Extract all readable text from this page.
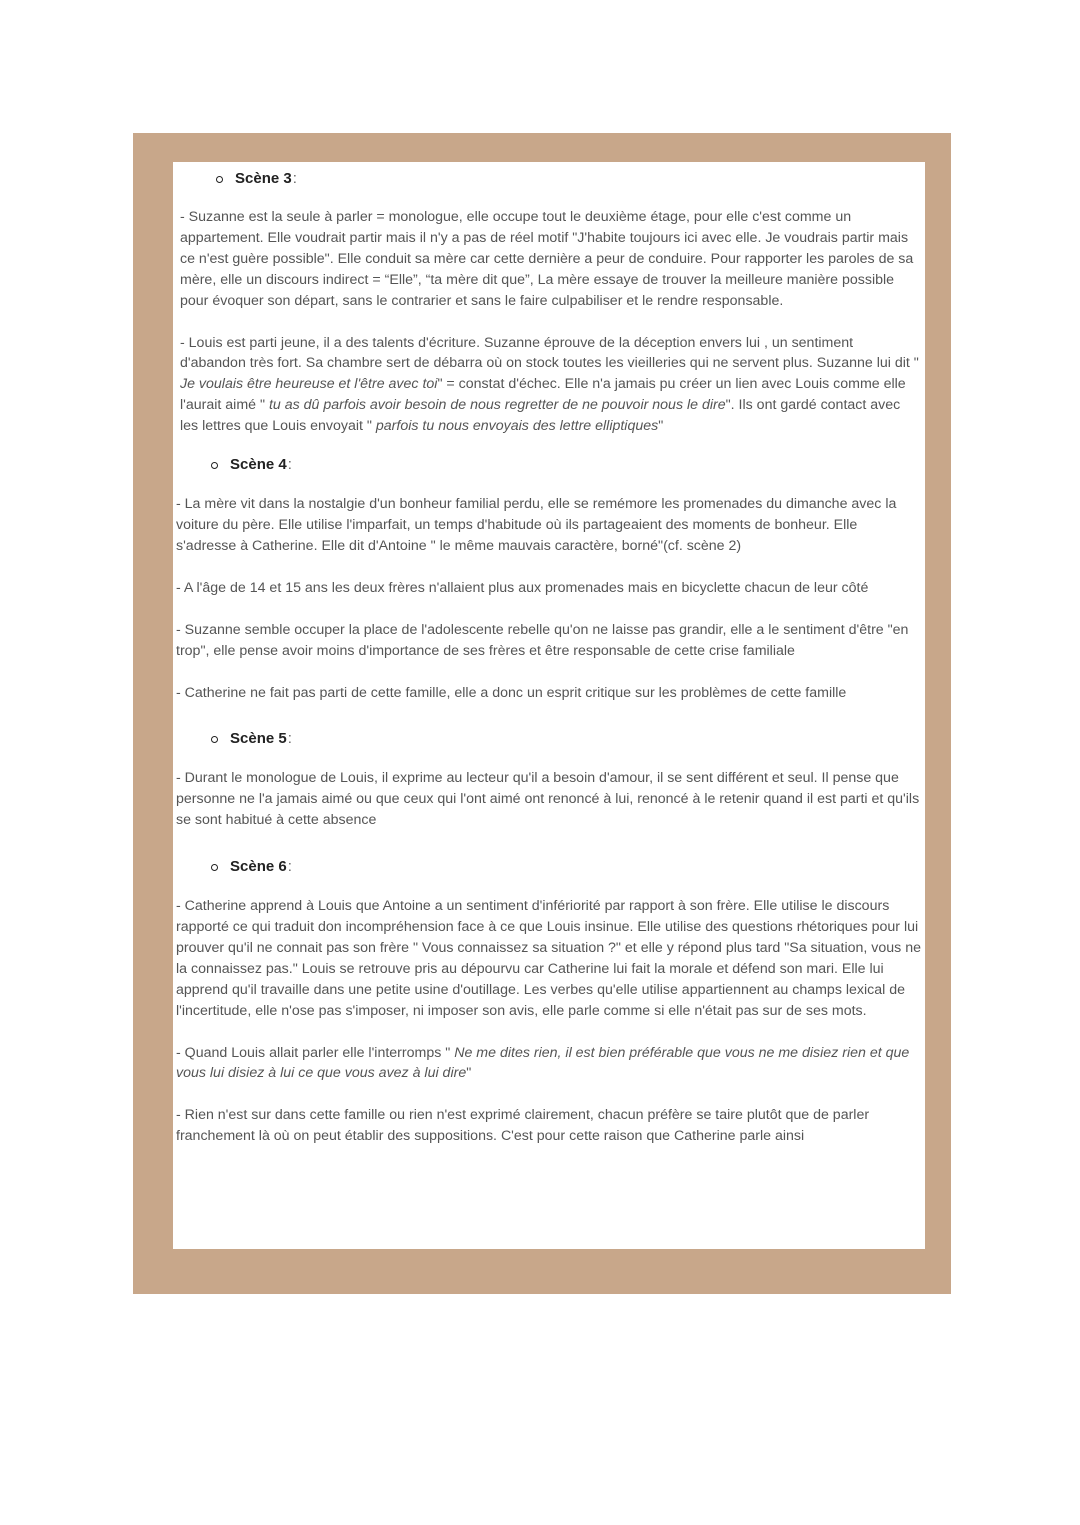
Scène 3 :

- Suzanne est la seule à parler = monologue, elle occupe tout le deuxième étage, pour elle c'est comme un appartement. Elle voudrait partir mais il n'y a pas de réel motif "J'habite toujours ici avec elle. Je voudrais partir mais ce n'est guère possible". Elle conduit sa mère car cette dernière a peur de conduire. Pour rapporter les paroles de sa mère, elle un discours indirect = “Elle”, “ta mère dit que”, La mère essaye de trouver la meilleure manière possible pour évoquer son départ, sans le contrarier et sans le faire culpabiliser et le rendre responsable.

- Louis est parti jeune, il a des talents d'écriture. Suzanne éprouve de la déception envers lui , un sentiment d'abandon très fort. Sa chambre sert de débarra où on stock toutes les vieilleries qui ne servent plus. Suzanne lui dit " Je voulais être heureuse et l'être avec toi" = constat d'échec. Elle n'a jamais pu créer un lien avec Louis comme elle l'aurait aimé " tu as dû parfois avoir besoin de nous regretter de ne pouvoir nous le dire". Ils ont gardé contact avec les lettres que Louis envoyait " parfois tu nous envoyais des lettre elliptiques"

Scène 4 :

- La mère vit dans la nostalgie d'un bonheur familial perdu, elle se remémore les promenades du dimanche avec la voiture du père. Elle utilise l'imparfait, un temps d'habitude où ils partageaient des moments de bonheur. Elle s'adresse à Catherine. Elle dit d'Antoine " le même mauvais caractère, borné"(cf. scène 2)

- A l'âge de 14 et 15 ans les deux frères n'allaient plus aux promenades mais en bicyclette chacun de leur côté

- Suzanne semble occuper la place de l'adolescente rebelle qu'on ne laisse pas grandir, elle a le sentiment d'être "en trop", elle pense avoir moins d'importance de ses frères et être responsable de cette crise familiale

- Catherine ne fait pas parti de cette famille, elle a donc un esprit critique sur les problèmes de cette famille

Scène 5 :

- Durant le monologue de Louis, il exprime au lecteur qu'il a besoin d'amour, il se sent différent et seul. Il pense que personne ne l'a jamais aimé ou que ceux qui l'ont aimé ont renoncé à lui, renoncé à le retenir quand il est parti et qu'ils se sont habitué à cette absence

Scène 6 :

- Catherine apprend à Louis que Antoine a un sentiment d'infériorité par rapport à son frère. Elle utilise le discours rapporté ce qui traduit don incompréhension face à ce que Louis insinue. Elle utilise des questions rhétoriques pour lui prouver qu'il ne connait pas son frère " Vous connaissez sa situation ?" et elle y répond plus tard "Sa situation, vous ne la connaissez pas." Louis se retrouve pris au dépourvu car Catherine lui fait la morale et défend son mari. Elle lui apprend qu'il travaille dans une petite usine d'outillage. Les verbes qu'elle utilise appartiennent au champs lexical de l'incertitude, elle n'ose pas s'imposer, ni imposer son avis, elle parle comme si elle n'était pas sur de ses mots.

- Quand Louis allait parler elle l'interromps " Ne me dites rien, il est bien préférable que vous ne me disiez rien et que vous lui disiez à lui ce que vous avez à lui dire"

- Rien n'est sur dans cette famille ou rien n'est exprimé clairement, chacun préfère se taire plutôt que de parler franchement là où on peut établir des suppositions. C'est pour cette raison que Catherine parle ainsi
